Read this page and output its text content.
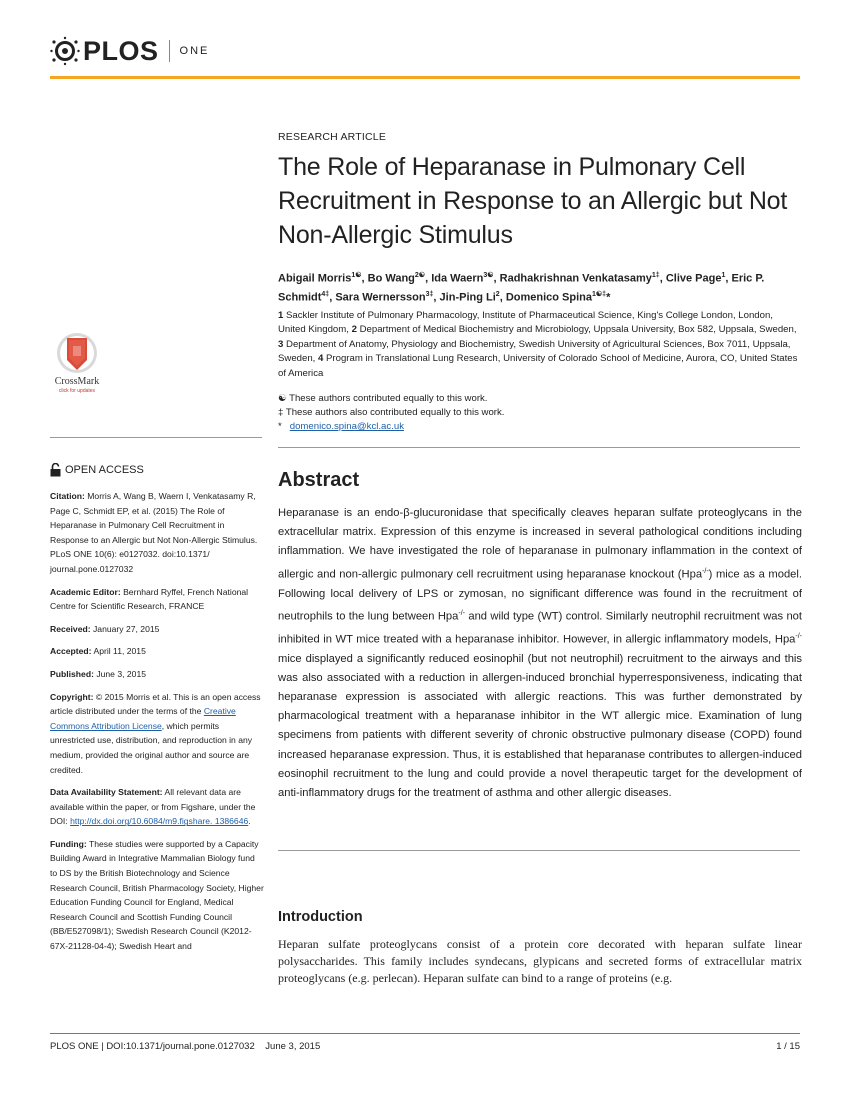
PLOS ONE
CrossMark
click for updates
OPEN ACCESS
Citation: Morris A, Wang B, Waern I, Venkatasamy R, Page C, Schmidt EP, et al. (2015) The Role of Heparanase in Pulmonary Cell Recruitment in Response to an Allergic but Not Non-Allergic Stimulus. PLoS ONE 10(6): e0127032. doi:10.1371/ journal.pone.0127032
Academic Editor: Bernhard Ryffel, French National Centre for Scientific Research, FRANCE
Received: January 27, 2015
Accepted: April 11, 2015
Published: June 3, 2015
Copyright: © 2015 Morris et al. This is an open access article distributed under the terms of the Creative Commons Attribution License, which permits unrestricted use, distribution, and reproduction in any medium, provided the original author and source are credited.
Data Availability Statement: All relevant data are available within the paper, or from Figshare, under the DOI: http://dx.doi.org/10.6084/m9.figshare. 1386646.
Funding: These studies were supported by a Capacity Building Award in Integrative Mammalian Biology fund to DS by the British Biotechnology and Science Research Council, British Pharmacology Society, Higher Education Funding Council for England, Medical Research Council and Scottish Funding Council (BB/E527098/1); Swedish Research Council (K2012-67X-21128-04-4); Swedish Heart and
RESEARCH ARTICLE
The Role of Heparanase in Pulmonary Cell Recruitment in Response to an Allergic but Not Non-Allergic Stimulus
Abigail Morris$^{1☯}$, Bo Wang$^{2☯}$, Ida Waern$^{3☯}$, Radhakrishnan Venkatasamy$^{1\ddagger}$, Clive Page$^1$, Eric P. Schmidt$^{4\ddagger}$, Sara Wernersson$^{3\ddagger}$, Jin-Ping Li$^2$, Domenico Spina$^{1☯\ddagger}$*
1 Sackler Institute of Pulmonary Pharmacology, Institute of Pharmaceutical Science, King's College London, London, United Kingdom, 2 Department of Medical Biochemistry and Microbiology, Uppsala University, Box 582, Uppsala, Sweden, 3 Department of Anatomy, Physiology and Biochemistry, Swedish University of Agricultural Sciences, Box 7011, Uppsala, Sweden, 4 Program in Translational Lung Research, University of Colorado School of Medicine, Aurora, CO, United States of America
☯ These authors contributed equally to this work.
‡ These authors also contributed equally to this work.
* domenico.spina@kcl.ac.uk
Abstract

Heparanase is an endo-β-glucuronidase that specifically cleaves heparan sulfate proteoglycans in the extracellular matrix. Expression of this enzyme is increased in several pathological conditions including inflammation. We have investigated the role of heparanase in pulmonary inflammation in the context of allergic and non-allergic pulmonary cell recruitment using heparanase knockout (Hpa-/-) mice as a model. Following local delivery of LPS or zymosan, no significant difference was found in the recruitment of neutrophils to the lung between Hpa-/- and wild type (WT) control. Similarly neutrophil recruitment was not inhibited in WT mice treated with a heparanase inhibitor. However, in allergic inflammatory models, Hpa-/- mice displayed a significantly reduced eosinophil (but not neutrophil) recruitment to the airways and this was also associated with a reduction in allergen-induced bronchial hyperresponsiveness, indicating that heparanase expression is associated with allergic reactions. This was further demonstrated by pharmacological treatment with a heparanase inhibitor in the WT allergic mice. Examination of lung specimens from patients with different severity of chronic obstructive pulmonary disease (COPD) found increased heparanase expression. Thus, it is established that heparanase contributes to allergen-induced eosinophil recruitment to the lung and could provide a novel therapeutic target for the development of anti-inflammatory drugs for the treatment of asthma and other allergic diseases.

Introduction

Heparan sulfate proteoglycans consist of a protein core decorated with heparan sulfate linear polysaccharides. This family includes syndecans, glypicans and secreted forms of extracellular matrix proteoglycans (e.g. perlecan). Heparan sulfate can bind to a range of proteins (e.g.

PLOS ONE | DOI:10.1371/journal.pone.0127032    June 3, 2015	1 / 15
